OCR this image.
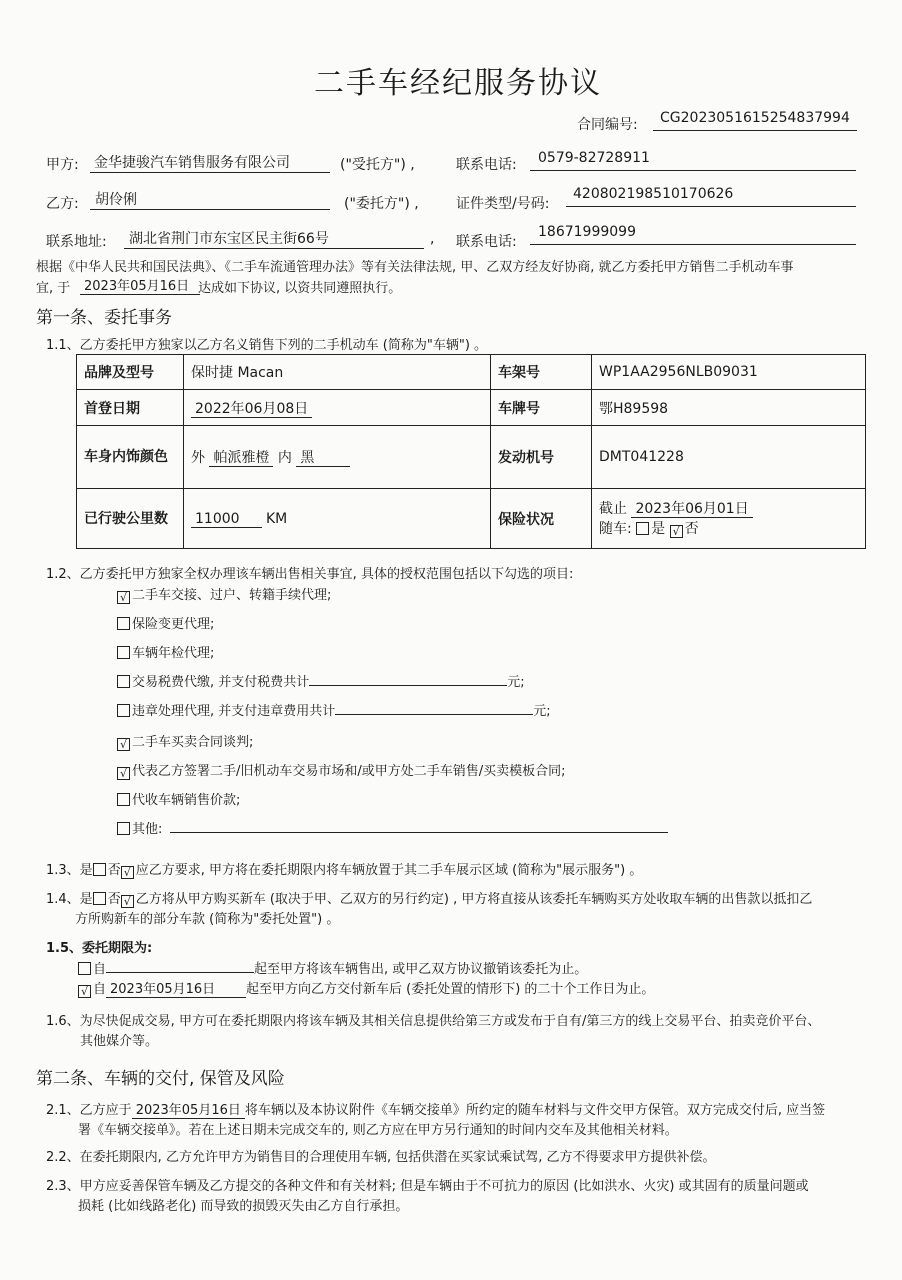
二手车经纪服务协议
合同编号: CG2023051615254837994
甲方: 金华捷骏汽车销售服务有限公司	("受托方") ,	联系电话: 0579-82728911
乙方: 胡伶俐	("委托方") ,	证件类型/号码:
420802198510170626
联系地址: 湖北省荆门市东宝区民主街66号	, 联系电话:
18671999099
根据《中华人民共和国民法典》、《二手车流通管理办法》等有关法律法规, 甲、乙双方经友好协商, 就乙方委托甲方销售二手机动车事
宜, 于	2023年05月16日 达成如下协议, 以资共同遵照执行。
第一条、委托事务
1.1、乙方委托甲方独家以乙方名义销售下列的二手机动车 (简称为"车辆") 。
品牌及型号	保时捷 Macan	车架号	WP1AA2956NLB09031
首登日期	2022年06月08日	车牌号	鄂H89598
车身内饰颜色	外 帕派雅橙 内 黑	发动机号	DMT041228
已行驶公里数	11000 KM	保险状况	截止 2023年06月01日
随车: 是 √ 否
1.2、乙方委托甲方独家全权办理该车辆出售相关事宜, 具体的授权范围包括以下勾选的项目:
√ 二手车交接、过户、转籍手续代理;
保险变更代理;
车辆年检代理;
交易税费代缴, 并支付税费共计	元;
违章处理代理, 并支付违章费用共计	元;
√ 二手车买卖合同谈判;
√ 代表乙方签署二手/旧机动车交易市场和/或甲方处二手车销售/买卖模板合同;
代收车辆销售价款;
其他:
1.3、是 否 √ 应乙方要求, 甲方将在委托期限内将车辆放置于其二手车展示区域 (简称为"展示服务") 。
1.4、是 否 √ 乙方将从甲方购买新车 (取决于甲、乙双方的另行约定) , 甲方将直接从该委托车辆购买方处收取车辆的出售款以抵扣乙
方所购新车的部分车款 (简称为"委托处置") 。
1.5、委托期限为:
自	起至甲方将该车辆售出, 或甲乙双方协议撤销该委托为止。
√ 自 2023年05月16日 起至甲方向乙方交付新车后 (委托处置的情形下) 的二十个工作日为止。
1.6、为尽快促成交易, 甲方可在委托期限内将该车辆及其相关信息提供给第三方或发布于自有/第三方的线上交易平台、拍卖竞价平台、
其他媒介等。
第二条、车辆的交付, 保管及风险
2.1、乙方应于 2023年05月16日 将车辆以及本协议附件《车辆交接单》所约定的随车材料与文件交甲方保管。双方完成交付后, 应当签
署《车辆交接单》。若在上述日期未完成交车的, 则乙方应在甲方另行通知的时间内交车及其他相关材料。
2.2、在委托期限内, 乙方允许甲方为销售目的合理使用车辆, 包括供潜在买家试乘试驾, 乙方不得要求甲方提供补偿。
2.3、甲方应妥善保管车辆及乙方提交的各种文件和有关材料; 但是车辆由于不可抗力的原因 (比如洪水、火灾) 或其固有的质量问题或
损耗 (比如线路老化) 而导致的损毁灭失由乙方自行承担。
